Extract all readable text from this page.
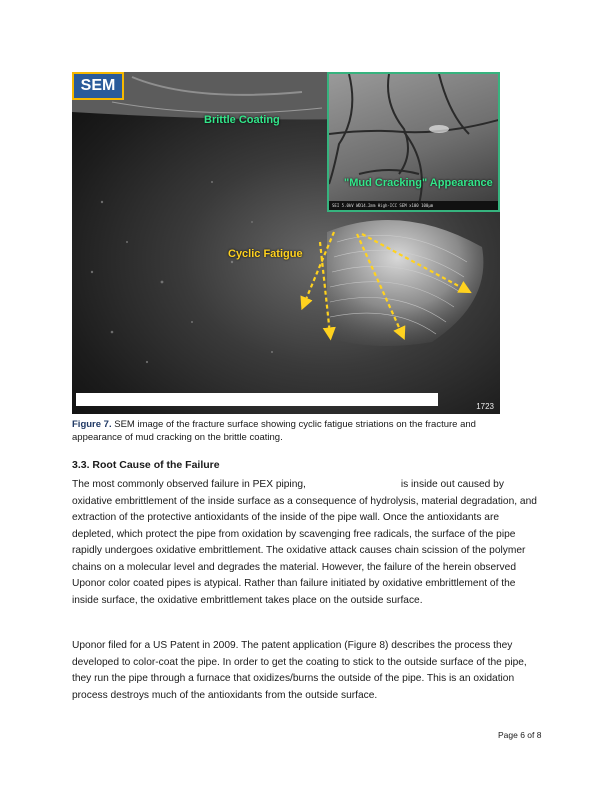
SEM
SEI 5.0kV WD14.2mm High-ICC SEM x100 100µm
Brittle Coating
"Mud Cracking" Appearance
Cyclic Fatigue
1723
Figure 7. SEM image of the fracture surface showing cyclic fatigue striations on the fracture and appearance of mud cracking on the brittle coating.
3.3. Root Cause of the Failure
The most commonly observed failure in PEX piping,	is inside out caused by oxidative embrittlement of the inside surface as a consequence of hydrolysis, material degradation, and extraction of the protective antioxidants of the inside of the pipe wall. Once the antioxidants are depleted, which protect the pipe from oxidation by scavenging free radicals, the surface of the pipe rapidly undergoes oxidative embrittlement. The oxidative attack causes chain scission of the polymer chains on a molecular level and degrades the material. However, the failure of the herein observed Uponor color coated pipes is atypical. Rather than failure initiated by oxidative embrittlement of the inside surface, the oxidative embrittlement takes place on the outside surface.
Uponor filed for a US Patent in 2009. The patent application (Figure 8) describes the process they developed to color-coat the pipe. In order to get the coating to stick to the outside surface of the pipe, they run the pipe through a furnace that oxidizes/burns the outside of the pipe. This is an oxidation process destroys much of the antioxidants from the outside surface.
Page 6 of 8
